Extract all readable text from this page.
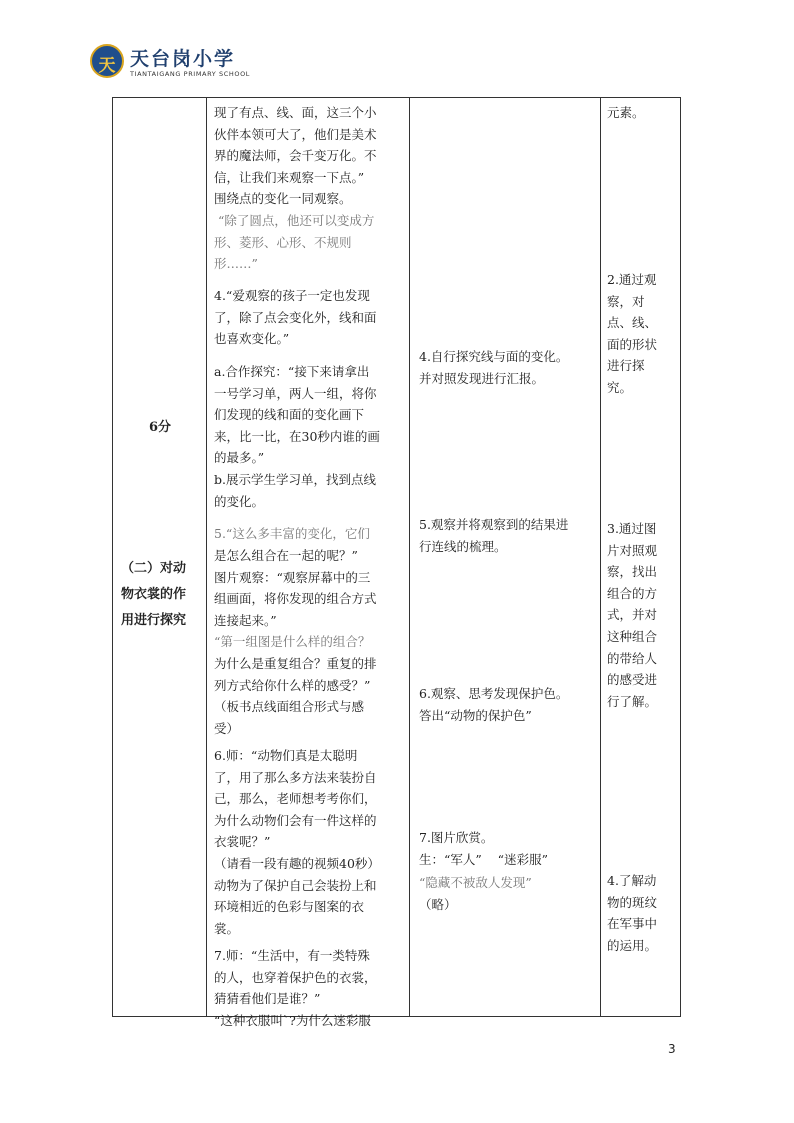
天 天台岗小学
TIANTAIGANG PRIMARY SCHOOL
6分
（二）对动
物衣裳的作
用进行探究
现了有点、线、面，这三个小
伙伴本领可大了，他们是美术
界的魔法师，会千变万化。不
信，让我们来观察一下点。”
围绕点的变化一同观察。
“除了圆点，他还可以变成方
形、菱形、心形、不规则
形……”
4.“爱观察的孩子一定也发现
了，除了点会变化外，线和面
也喜欢变化。”
a.合作探究：“接下来请拿出
一号学习单，两人一组，将你
们发现的线和面的变化画下
来，比一比，在30秒内谁的画
的最多。”
b.展示学生学习单，找到点线
的变化。
5.“这么多丰富的变化，它们
是怎么组合在一起的呢？”
图片观察：“观察屏幕中的三
组画面，将你发现的组合方式
连接起来。”
“第一组图是什么样的组合？
为什么是重复组合？重复的排
列方式给你什么样的感受？”
（板书点线面组合形式与感
受）
6.师：“动物们真是太聪明
了，用了那么多方法来装扮自
己，那么，老师想考考你们，
为什么动物们会有一件这样的
衣裳呢？”
（请看一段有趣的视频40秒）
动物为了保护自己会装扮上和
环境相近的色彩与图案的衣
裳。
7.师：“生活中，有一类特殊
的人，也穿着保护色的衣裳，
猜猜看他们是谁？”
“这种衣服叫`?为什么迷彩服
4.自行探究线与面的变化。
并对照发现进行汇报。
5.观察并将观察到的结果进
行连线的梳理。
6.观察、思考发现保护色。
答出“动物的保护色”
7.图片欣赏。
生：“军人”    “迷彩服”
“隐藏不被敌人发现”
（略）
元素。
2.通过观
察，对
点、线、
面的形状
进行探
究。
3.通过图
片对照观
察，找出
组合的方
式，并对
这种组合
的带给人
的感受进
行了解。
4.了解动
物的斑纹
在军事中
的运用。
3
